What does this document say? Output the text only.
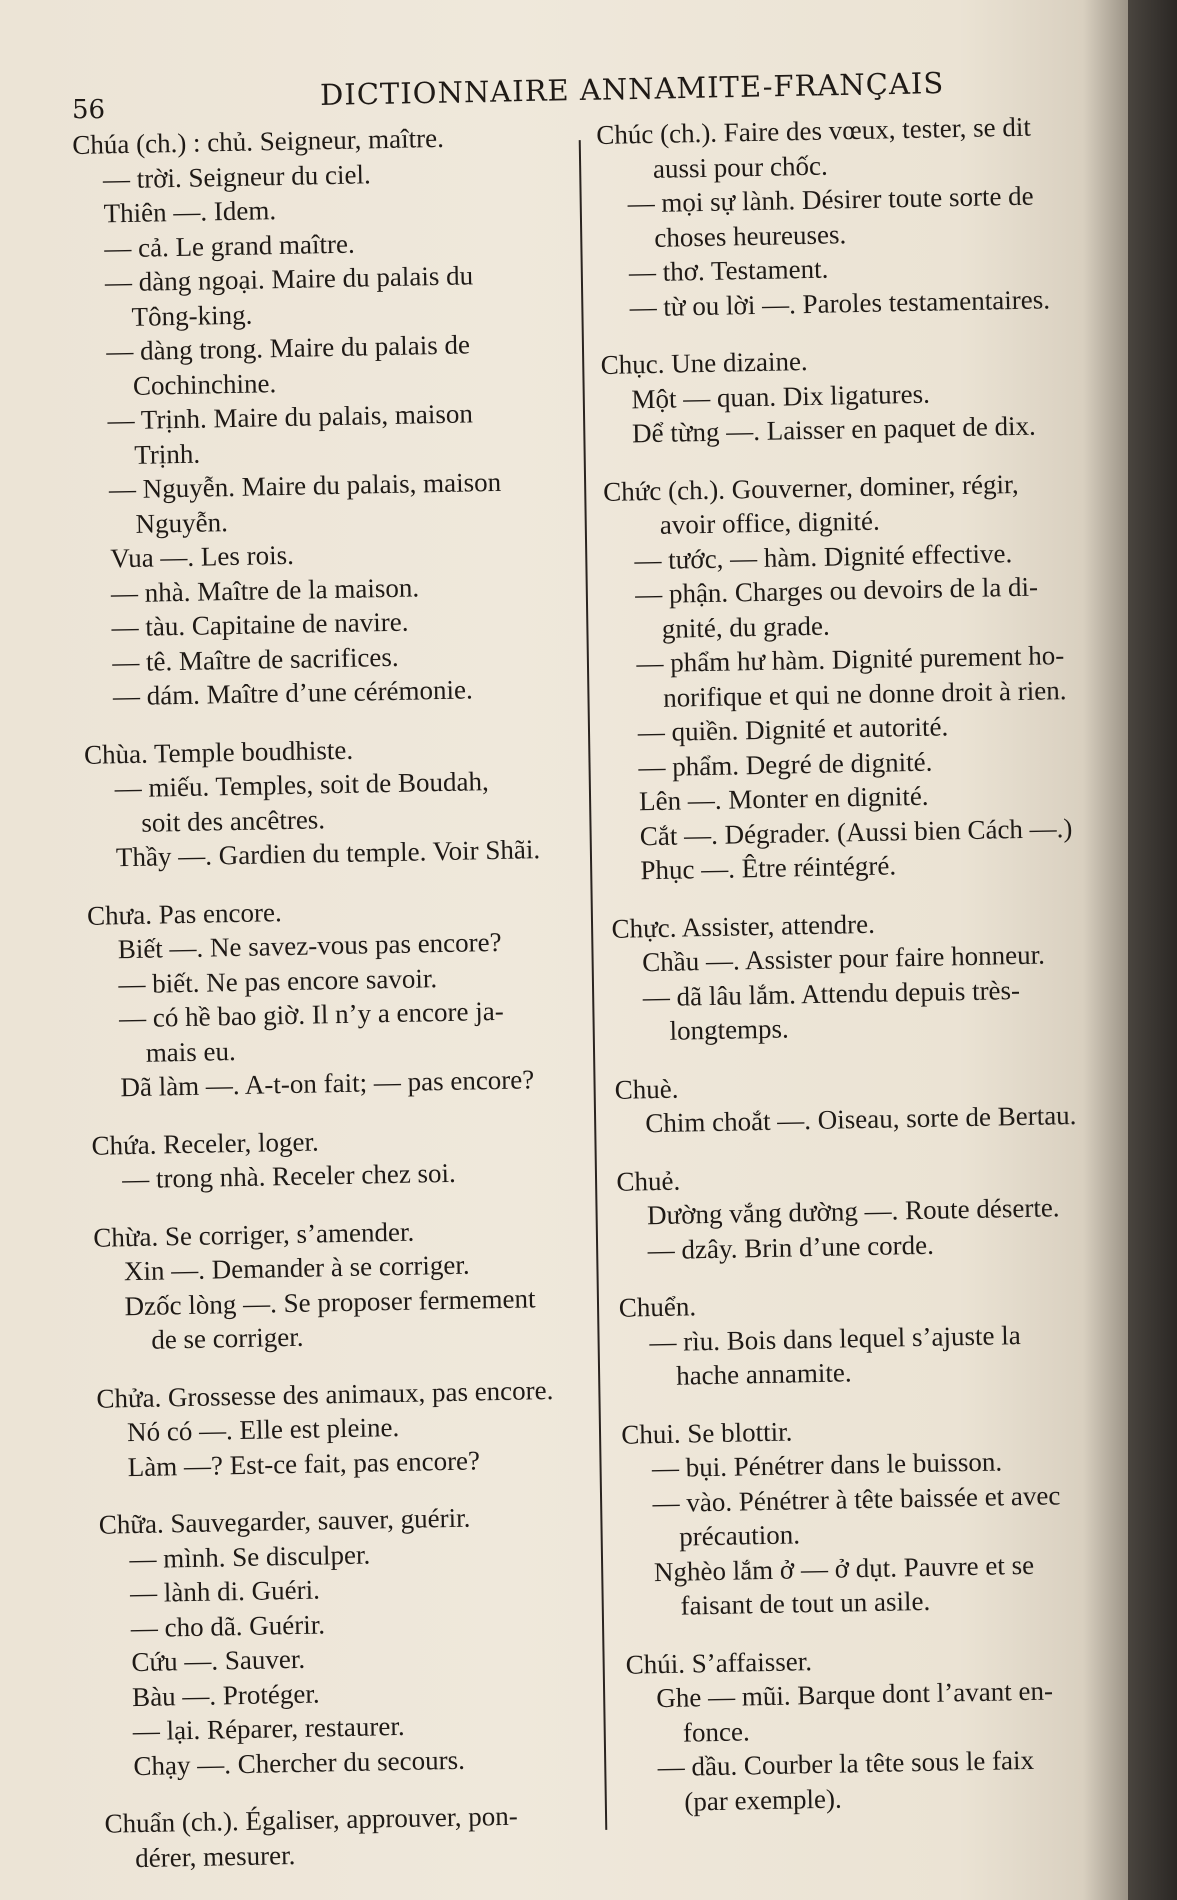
56	DICTIONNAIRE ANNAMITE-FRANÇAIS
Chúa (ch.) : chủ. Seigneur, maître.
— trời. Seigneur du ciel.
Thiên —. Idem.
— cả. Le grand maître.
— dàng ngoại. Maire du palais du
Tông-king.
— dàng trong. Maire du palais de
Cochinchine.
— Trịnh. Maire du palais, maison
Trịnh.
— Nguyễn. Maire du palais, maison
Nguyễn.
Vua —. Les rois.
— nhà. Maître de la maison.
— tàu. Capitaine de navire.
— tê. Maître de sacrifices.
— dám. Maître d’une cérémonie.
Chùa. Temple boudhiste.
— miếu. Temples, soit de Boudah,
soit des ancêtres.
Thầy —. Gardien du temple. Voir Shãi.
Chưa. Pas encore.
Biết —. Ne savez-vous pas encore?
— biết. Ne pas encore savoir.
— có hề bao giờ. Il n’y a encore ja-
mais eu.
Dã làm —. A-t-on fait; — pas encore?
Chứa. Receler, loger.
— trong nhà. Receler chez soi.
Chừa. Se corriger, s’amender.
Xin —. Demander à se corriger.
Dzốc lòng —. Se proposer fermement
de se corriger.
Chửa. Grossesse des animaux, pas encore.
Nó có —. Elle est pleine.
Làm —? Est-ce fait, pas encore?
Chữa. Sauvegarder, sauver, guérir.
— mình. Se disculper.
— lành di. Guéri.
— cho dã. Guérir.
Cứu —. Sauver.
Bàu —. Protéger.
— lại. Réparer, restaurer.
Chạy —. Chercher du secours.
Chuẩn (ch.). Égaliser, approuver, pon-
dérer, mesurer.
Chúc (ch.). Faire des vœux, tester, se dit
aussi pour chốc.
— mọi sự lành. Désirer toute sorte de
choses heureuses.
— thơ. Testament.
— từ ou lời —. Paroles testamentaires.
Chục. Une dizaine.
Một — quan. Dix ligatures.
Dể từng —. Laisser en paquet de dix.
Chức (ch.). Gouverner, dominer, régir,
avoir office, dignité.
— tước, — hàm. Dignité effective.
— phận. Charges ou devoirs de la di-
gnité, du grade.
— phẩm hư hàm. Dignité purement ho-
norifique et qui ne donne droit à rien.
— quiền. Dignité et autorité.
— phẩm. Degré de dignité.
Lên —. Monter en dignité.
Cắt —. Dégrader. (Aussi bien Cách —.)
Phục —. Être réintégré.
Chực. Assister, attendre.
Chầu —. Assister pour faire honneur.
— dã lâu lắm. Attendu depuis très-
longtemps.
Chuè.
Chim choắt —. Oiseau, sorte de Bertau.
Chuẻ.
Dường vắng dường —. Route déserte.
— dzây. Brin d’une corde.
Chuển.
— rìu. Bois dans lequel s’ajuste la
hache annamite.
Chui. Se blottir.
— bụi. Pénétrer dans le buisson.
— vào. Pénétrer à tête baissée et avec
précaution.
Nghèo lắm ở — ở dụt. Pauvre et se
faisant de tout un asile.
Chúi. S’affaisser.
Ghe — mũi. Barque dont l’avant en-
fonce.
— dầu. Courber la tête sous le faix
(par exemple).
